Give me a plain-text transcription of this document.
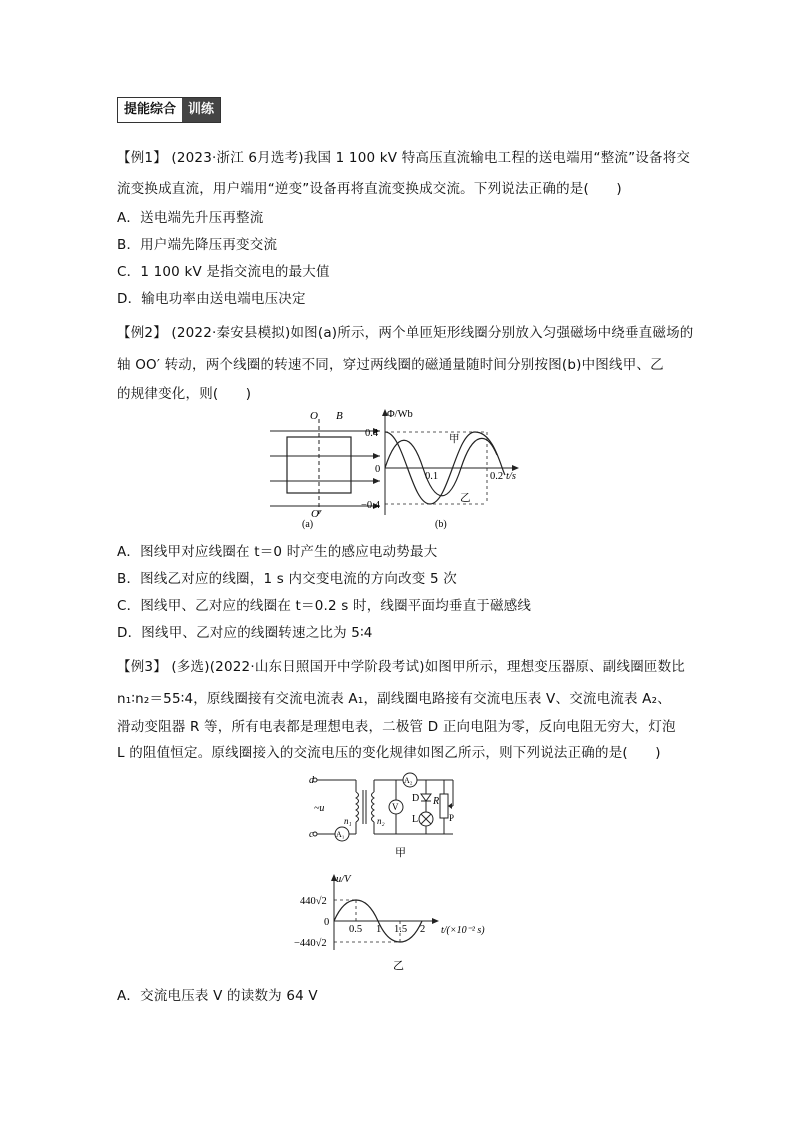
提能综合 训练
【例1】 (2023·浙江 6月选考)我国 1 100 kV 特高压直流输电工程的送电端用“整流”设备将交
流变换成直流，用户端用“逆变”设备再将直流变换成交流。下列说法正确的是(　　)
A．送电端先升压再整流
B．用户端先降压再变交流
C．1 100 kV 是指交流电的最大值
D．输电功率由送电端电压决定
【例2】 (2022·秦安县模拟)如图(a)所示，两个单匝矩形线圈分别放入匀强磁场中绕垂直磁场的
轴 OO′ 转动，两个线圈的转速不同，穿过两线圈的磁通量随时间分别按图(b)中图线甲、乙
的规律变化，则(　　)
O B
O′
(a)
Φ/Wb
0.4
0
−0.4
0.1	0.2 t/s
甲
乙
(b)
A．图线甲对应线圈在 t＝0 时产生的感应电动势最大
B．图线乙对应的线圈，1 s 内交变电流的方向改变 5 次
C．图线甲、乙对应的线圈在 t＝0.2 s 时，线圈平面均垂直于磁感线
D．图线甲、乙对应的线圈转速之比为 5∶4
【例3】 (多选)(2022·山东日照国开中学阶段考试)如图甲所示，理想变压器原、副线圈匝数比
n₁∶n₂＝55∶4，原线圈接有交流电流表 A₁，副线圈电路接有交流电压表 V、交流电流表 A₂、
滑动变阻器 R 等，所有电表都是理想电表，二极管 D 正向电阻为零，反向电阻无穷大，灯泡
L 的阻值恒定。原线圈接入的交流电压的变化规律如图乙所示，则下列说法正确的是(　　)
d
c
~u
A₁
A₂
V
n₁	n₂
D
L
R
P
甲
u/V
440√2
0
−440√2
0.5 1 1.5 2 t/(×10⁻² s)
乙
A．交流电压表 V 的读数为 64 V
